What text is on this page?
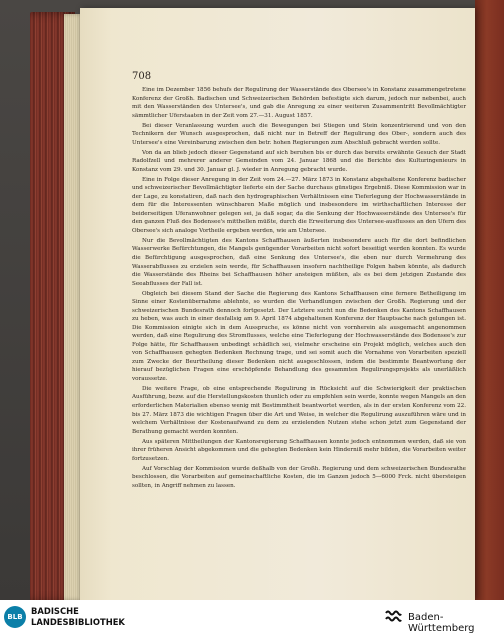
708

Eine im Dezember 1856 behufs der Regulirung der Wasserstände des Obersee's in Konstanz zusammengetretene Konferenz der Großh. Badischen und Schweizerischen Behörden befestigte sich darum, jedoch nur nebenbei, auch mit den Wasserständen des Untersee's, und gab die Anregung zu einer weiteren Zusammentritt Bevollmächtigter sämmtlicher Uferstaaten in der Zeit vom 27.—31. August 1857.

Bei dieser Veranlassung wurden auch die Bewegungen bei Stiegen und Stein konzentrierend und von den Technikern der Wunsch ausgesprochen, daß nicht nur in Betreff der Regulirung des Ober-, sondern auch des Untersee's eine Vereinbarung zwischen den betr. hohen Regierungen zum Abschluß gebracht werden sollte.

Von da an blieb jedoch dieser Gegenstand auf sich beruhen bis er durch das bereits erwähnte Gesuch der Stadt Radolfzell und mehrerer anderer Gemeinden vom 24. Januar 1868 und die Berichte des Kulturingenieurs in Konstanz vom 29. und 30. Januar gl. J. wieder in Anregung gebracht wurde.

Eine in Folge dieser Anregung in der Zeit vom 24.—27. März 1873 in Konstanz abgehaltene Konferenz badischer und schweizerischer Bevollmächtigter lieferte ein der Sache durchaus günstiges Ergebniß. Diese Kommission war in der Lage, zu konstatiren, daß nach den hydrographischen Verhältnissen eine Tieferlegung der Hochwasserstände in dem für die Interessenten wünschbaren Maße möglich und insbesondere im wirthschaftlichen Interesse der beiderseitigen Uferanwohner gelegen sei, ja daß sogar, da die Senkung der Hochwasserstände des Untersee's für den ganzen Fluß des Bodensee's mitthellen müßte, durch die Erweiterung des Untersee-ausflusses an den Ufern des Obersee's sich analoge Vortheile ergeben werden, wie am Untersee.

Nur die Bevollmächtigten des Kantons Schaffhausen äußerten insbesondere auch für die dort befindlichen Wasserwerke Befürchtungen, die Mangels genügender Vorarbeiten nicht sofort beseitigt werden konnten. Es wurde die Befürchtigung ausgesprochen, daß eine Senkung des Untersee's, die eben nur durch Vermehrung des Wasserabflusses zu erzielen sein werde, für Schaffhausen insofern nachtheilige Folgen haben könnte, als dadurch die Wasserstände des Rheins bei Schaffhausen höher ansteigen müßten, als es bei dem jetzigen Zustande des Seeabflusses der Fall ist.

Obgleich bei diesem Stand der Sache die Regierung des Kantons Schaffhausen eine fernere Betheiligung im Sinne einer Kostenübernahme ablehnte, so wurden die Verhandlungen zwischen der Großh. Regierung und der schweizerischen Bundesrath dennoch fortgesetzt. Der Letztere sucht nun die Bedenken des Kantons Schaffhausen zu heben, was auch in einer desfallsig am 9. April 1874 abgehaltenen Konferenz der Hauptsache nach gelungen ist. Die Kommission einigte sich in dem Ausspruche, es könne nicht von vornherein als ausgemacht angenommen werden, daß eine Regulirung des Stromflusses, welche eine Tieferlegung der Hochwasserstände des Bodensee's zur Folge hätte, für Schaffhausen unbedingt schädlich sei, vielmehr erscheine ein Projekt möglich, welches auch den von Schaffhausen gehegten Bedenken Rechnung trage, und sei somit auch die Vornahme von Vorarbeiten speziell zum Zwecke der Beurtheilung dieser Bedenken nicht ausgeschlossen, indem die bestimmte Beantwortung der hierauf bezüglichen Fragen eine erschöpfende Behandlung des gesammten Regulirungsprojekts als unerläßlich voraussetze.

Die weitere Frage, ob eine entsprechende Regulirung in Rücksicht auf die Schwierigkeit der praktischen Ausführung, bezw. auf die Herstellungskosten thunlich oder zu empfehlen sein werde, konnte wegen Mangels an den erforderlichen Materialien ebenso wenig mit Bestimmtheit beantwortet werden, als in der ersten Konferenz vom 22. bis 27. März 1873 die wichtigen Fragen über die Art und Weise, in welcher die Regulirung auszuführen wäre und in welchem Verhältnisse der Kostenaufwand zu dem zu erzielenden Nutzen stehe schon jetzt zum Gegenstand der Berathung gemacht werden konnten.

Aus späteren Mittheilungen der Kantonsregierung Schaffhausen konnte jedoch entnommen werden, daß sie von ihrer früheren Ansicht abgekommen und die gehegten Bedenken kein Hinderniß mehr bilden, die Vorarbeiten weiter fortzusetzen.

Auf Vorschlag der Kommission wurde deßhalb von der Großh. Regierung und dem schweizerischen Bundesrathe beschlossen, die Vorarbeiten auf gemeinschaftliche Kosten, die im Ganzen jedoch 5—6000 Frck. nicht übersteigen sollten, in Angriff nehmen zu lassen.

BLB
BADISCHE
LANDESBIBLIOTHEK	Baden-Württemberg
